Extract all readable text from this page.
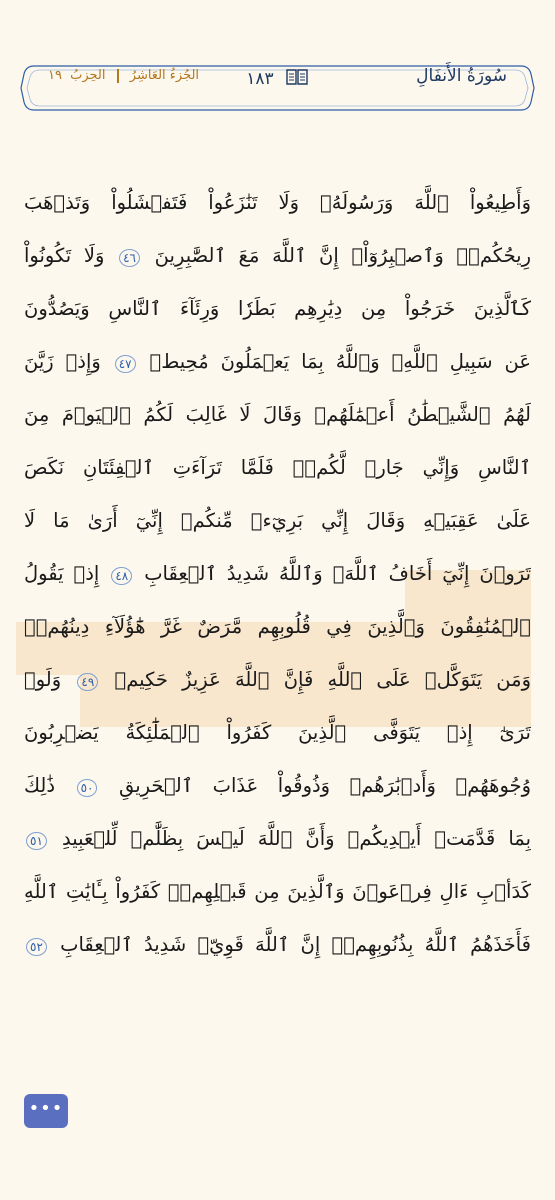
سُورَةُ الأَنفَالِ
١٨٣
الجُزءُ العَاشِرُ  الحِزبُ ١٩
وَأَطِيعُواْ ٱللَّهَ وَرَسُولَهُۥ وَلَا تَنَٰزَعُواْ فَتَفۡشَلُواْ وَتَذۡهَبَ
رِيحُكُمۡۖ وَٱصۡبِرُوٓاْۚ إِنَّ ٱللَّهَ مَعَ ٱلصَّٰبِرِينَ ٤٦ وَلَا تَكُونُواْ
كَٱلَّذِينَ خَرَجُواْ مِن دِيَٰرِهِم بَطَرٗا وَرِئَآءَ ٱلنَّاسِ وَيَصُدُّونَ
عَن سَبِيلِ ٱللَّهِۚ وَٱللَّهُ بِمَا يَعۡمَلُونَ مُحِيطٞ ٤٧ وَإِذۡ زَيَّنَ
لَهُمُ ٱلشَّيۡطَٰنُ أَعۡمَٰلَهُمۡ وَقَالَ لَا غَالِبَ لَكُمُ ٱلۡيَوۡمَ مِنَ
ٱلنَّاسِ وَإِنِّي جَارٞ لَّكُمۡۖ فَلَمَّا تَرَآءَتِ ٱلۡفِئَتَانِ نَكَصَ
عَلَىٰ عَقِبَيۡهِ وَقَالَ إِنِّي بَرِيٓءٞ مِّنكُمۡ إِنِّيٓ أَرَىٰ مَا لَا
تَرَوۡنَ إِنِّيٓ أَخَافُ ٱللَّهَۚ وَٱللَّهُ شَدِيدُ ٱلۡعِقَابِ ٤٨ إِذۡ يَقُولُ
ٱلۡمُنَٰفِقُونَ وَٱلَّذِينَ فِي قُلُوبِهِم مَّرَضٌ غَرَّ هَٰٓؤُلَآءِ دِينُهُمۡۗ
وَمَن يَتَوَكَّلۡ عَلَى ٱللَّهِ فَإِنَّ ٱللَّهَ عَزِيزٌ حَكِيمٞ ٤٩ وَلَوۡ
تَرَىٰٓ إِذۡ يَتَوَفَّى ٱلَّذِينَ كَفَرُواْ ٱلۡمَلَٰٓئِكَةُ يَضۡرِبُونَ
وُجُوهَهُمۡ وَأَدۡبَٰرَهُمۡ وَذُوقُواْ عَذَابَ ٱلۡحَرِيقِ ٥٠ ذَٰلِكَ
بِمَا قَدَّمَتۡ أَيۡدِيكُمۡ وَأَنَّ ٱللَّهَ لَيۡسَ بِظَلَّٰمٖ لِّلۡعَبِيدِ ٥١
كَدَأۡبِ ءَالِ فِرۡعَوۡنَ وَٱلَّذِينَ مِن قَبۡلِهِمۡۚ كَفَرُواْ بِـَٔايَٰتِ ٱللَّهِ
فَأَخَذَهُمُ ٱللَّهُ بِذُنُوبِهِمۡۚ إِنَّ ٱللَّهَ قَوِيّٞ شَدِيدُ ٱلۡعِقَابِ ٥٢
•••
